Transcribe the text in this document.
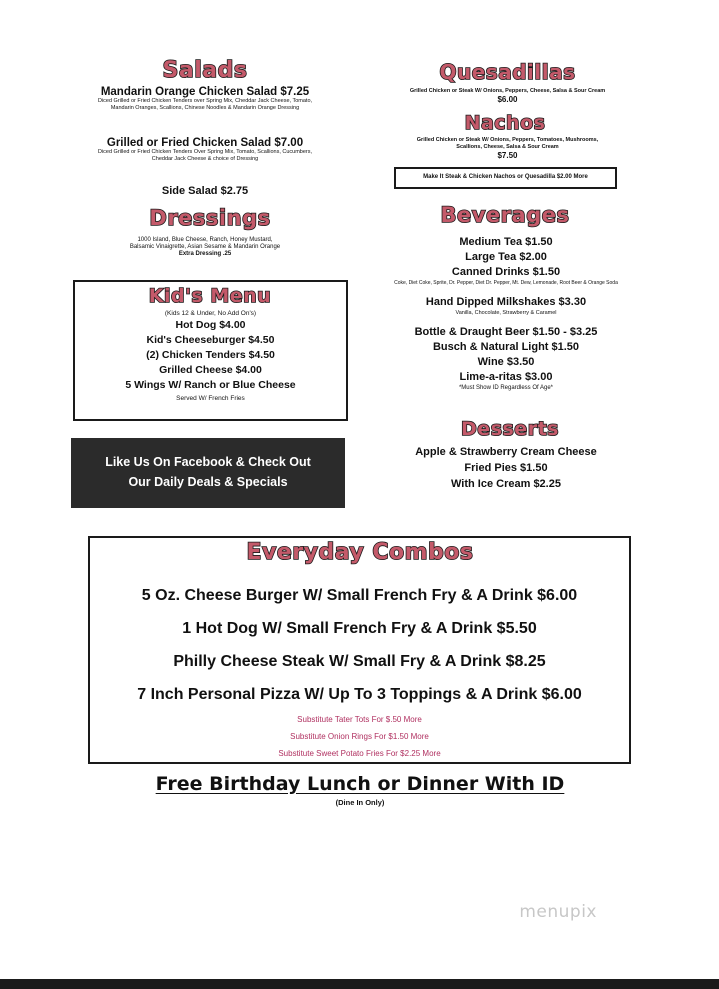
Salads
Mandarin Orange Chicken Salad $7.25
Diced Grilled or Fried Chicken Tenders over Spring Mix, Cheddar Jack Cheese, Tomato,
Mandarin Oranges, Scallions, Chinese Noodles & Mandarin Orange Dressing
Grilled or Fried Chicken Salad $7.00
Diced Grilled or Fried Chicken Tenders Over Spring Mix, Tomato, Scallions, Cucumbers,
Cheddar Jack Cheese & choice of Dressing
Side Salad $2.75
Dressings
1000 Island, Blue Cheese, Ranch, Honey Mustard,
Balsamic Vinaigrette, Asian Sesame & Mandarin Orange
Extra Dressing .25
Kid's Menu
(Kids 12 & Under, No Add On's)
Hot Dog $4.00
Kid's Cheeseburger $4.50
(2) Chicken Tenders $4.50
Grilled Cheese $4.00
5 Wings W/ Ranch or Blue Cheese
Served W/ French Fries
Like Us On Facebook & Check Out
Our Daily Deals & Specials
Quesadillas
Grilled Chicken or Steak W/ Onions, Peppers, Cheese, Salsa & Sour Cream
$6.00
Nachos
Grilled Chicken or Steak W/ Onions, Peppers, Tomatoes, Mushrooms,
Scallions, Cheese, Salsa & Sour Cream
$7.50
Make It Steak & Chicken Nachos or Quesadilla $2.00 More
Beverages
Medium Tea $1.50
Large Tea $2.00
Canned Drinks $1.50
Coke, Diet Coke, Sprite, Dr. Pepper, Diet Dr. Pepper, Mt. Dew, Lemonade, Root Beer & Orange Soda
Hand Dipped Milkshakes $3.30
Vanilla, Chocolate, Strawberry & Caramel
Bottle & Draught Beer $1.50 - $3.25
Busch & Natural Light $1.50
Wine $3.50
Lime-a-ritas $3.00
*Must Show ID Regardless Of Age*
Desserts
Apple & Strawberry Cream Cheese
Fried Pies $1.50
With Ice Cream $2.25
Everyday Combos
5 Oz. Cheese Burger W/ Small French Fry & A Drink $6.00
1 Hot Dog W/ Small French Fry & A Drink $5.50
Philly Cheese Steak W/ Small Fry & A Drink $8.25
7 Inch Personal Pizza W/ Up To 3 Toppings & A Drink $6.00
Substitute Tater Tots For $.50 More
Substitute Onion Rings For $1.50 More
Substitute Sweet Potato Fries For $2.25 More
Free Birthday Lunch or Dinner With ID
(Dine In Only)
menupix
